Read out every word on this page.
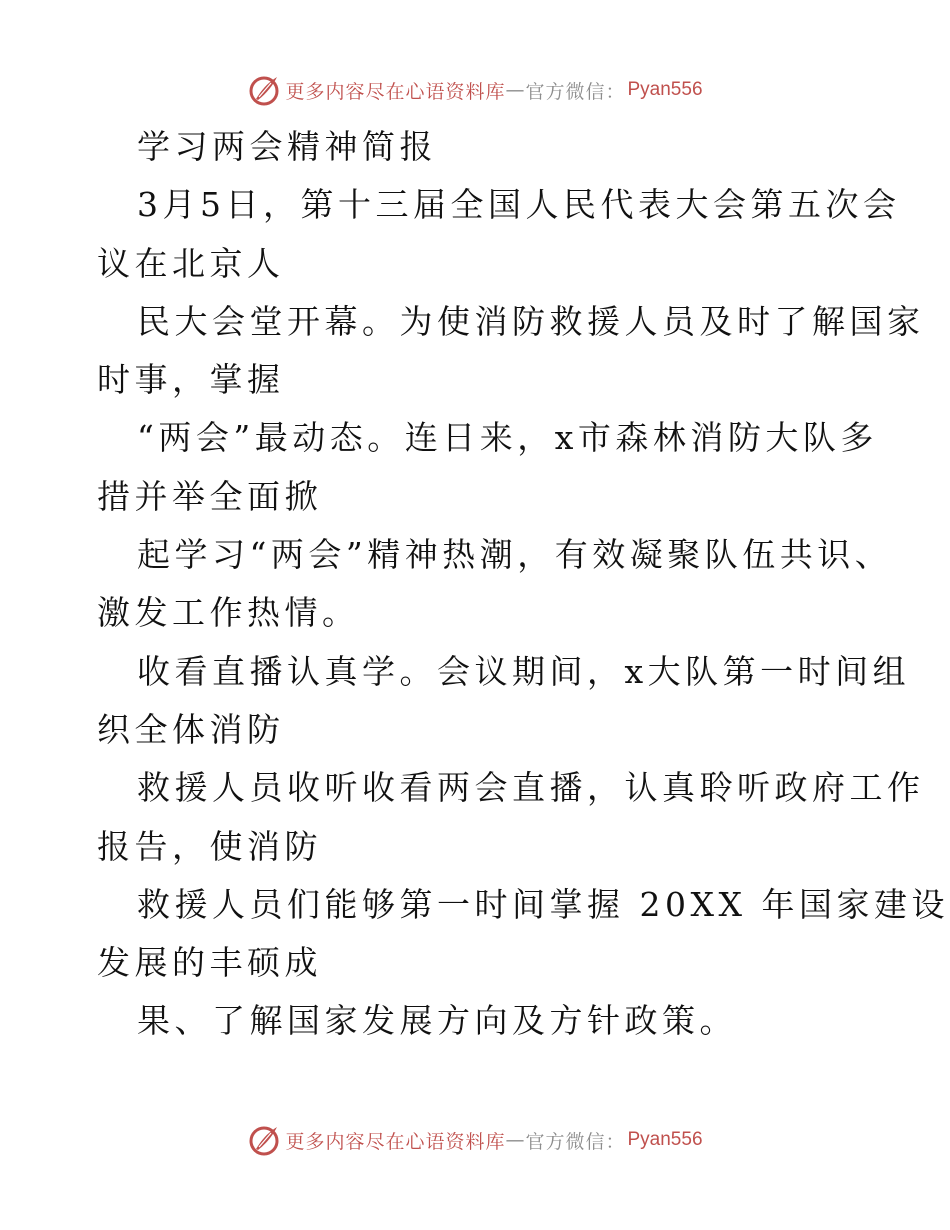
更多内容尽在心语资料库 — 官方微信： Pyan556
学习两会精神简报
3月5日，第十三届全国人民代表大会第五次会
议在北京人
民大会堂开幕。为使消防救援人员及时了解国家
时事，掌握
“两会”最动态。连日来，x市森林消防大队多
措并举全面掀
起学习“两会”精神热潮，有效凝聚队伍共识、
激发工作热情。
收看直播认真学。会议期间，x大队第一时间组
织全体消防
救援人员收听收看两会直播，认真聆听政府工作
报告，使消防
救援人员们能够第一时间掌握 20XX 年国家建设
发展的丰硕成
果、了解国家发展方向及方针政策。
更多内容尽在心语资料库 — 官方微信： Pyan556
